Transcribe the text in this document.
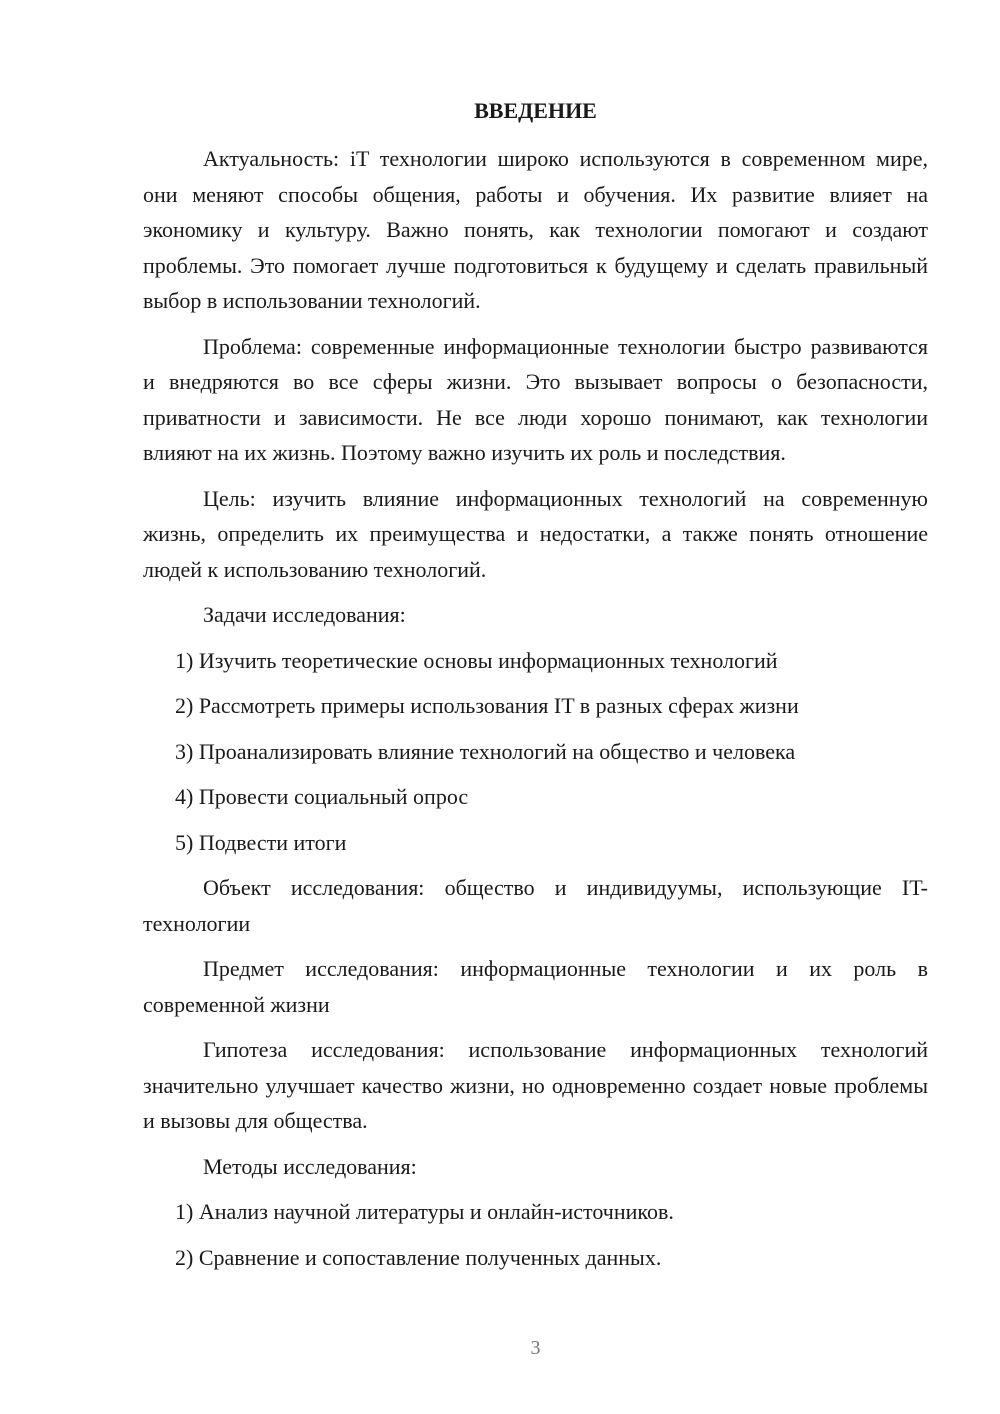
ВВЕДЕНИЕ

Актуальность: iT технологии широко используются в современном мире, они меняют способы общения, работы и обучения. Их развитие влияет на экономику и культуру. Важно понять, как технологии помогают и создают проблемы. Это помогает лучше подготовиться к будущему и сделать правильный выбор в использовании технологий.

Проблема: современные информационные технологии быстро развиваются и внедряются во все сферы жизни. Это вызывает вопросы о безопасности, приватности и зависимости. Не все люди хорошо понимают, как технологии влияют на их жизнь. Поэтому важно изучить их роль и последствия.

Цель: изучить влияние информационных технологий на современную жизнь, определить их преимущества и недостатки, а также понять отношение людей к использованию технологий.

Задачи исследования:

1) Изучить теоретические основы информационных технологий
2) Рассмотреть примеры использования IT в разных сферах жизни
3) Проанализировать влияние технологий на общество и человека
4) Провести социальный опрос
5) Подвести итоги

Объект исследования: общество и индивидуумы, использующие IT-технологии

Предмет исследования: информационные технологии и их роль в современной жизни

Гипотеза исследования: использование информационных технологий значительно улучшает качество жизни, но одновременно создает новые проблемы и вызовы для общества.

Методы исследования:

1) Анализ научной литературы и онлайн-источников.
2) Сравнение и сопоставление полученных данных.
3
